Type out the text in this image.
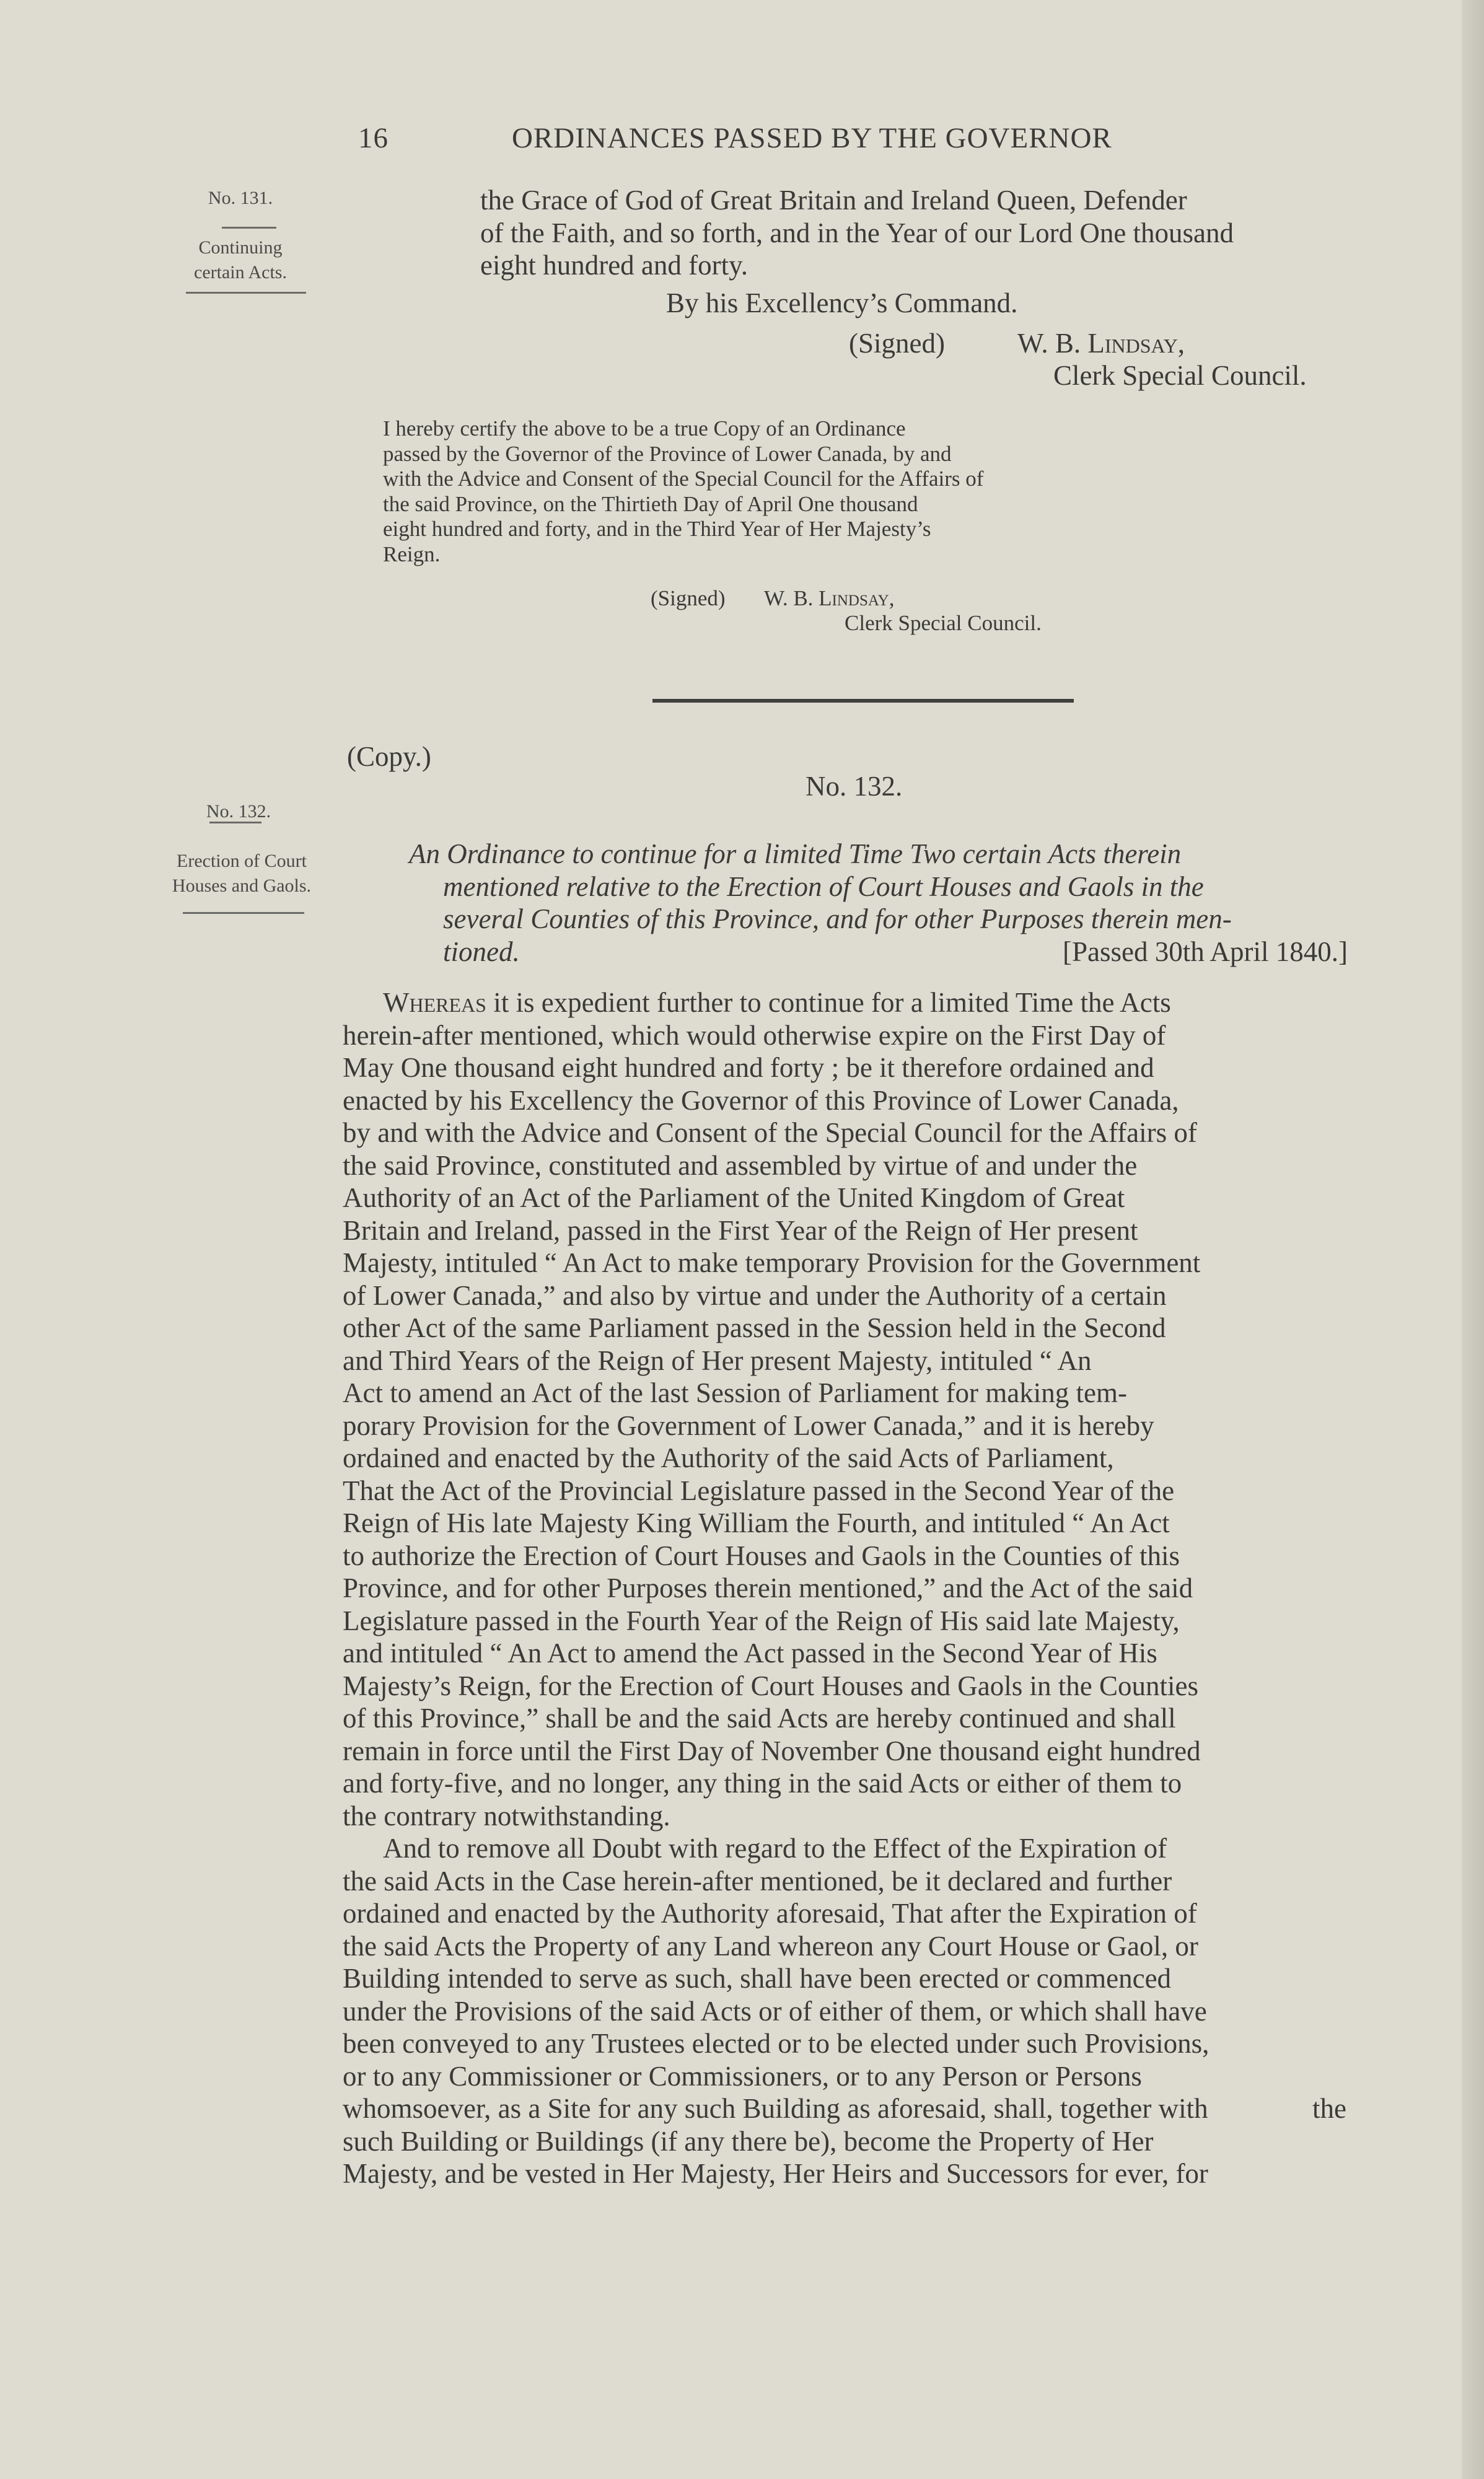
16	ORDINANCES PASSED BY THE GOVERNOR
No. 131.
Continuing
certain Acts.
the Grace of God of Great Britain and Ireland Queen, Defender
of the Faith, and so forth, and in the Year of our Lord One thousand
eight hundred and forty.
By his Excellency’s Command.
(Signed)	W. B. Lindsay,
Clerk Special Council.
I hereby certify the above to be a true Copy of an Ordinance
passed by the Governor of the Province of Lower Canada, by and
with the Advice and Consent of the Special Council for the Affairs of
the said Province, on the Thirtieth Day of April One thousand
eight hundred and forty, and in the Third Year of Her Majesty’s
Reign.
(Signed) W. B. Lindsay,
Clerk Special Council.
(Copy.)
No. 132.
No. 132.
Erection of Court
Houses and Gaols.
An Ordinance to continue for a limited Time Two certain Acts therein
mentioned relative to the Erection of Court Houses and Gaols in the
several Counties of this Province, and for other Purposes therein men-
tioned.	[Passed 30th April 1840.]
Whereas it is expedient further to continue for a limited Time the Acts
herein-after mentioned, which would otherwise expire on the First Day of
May One thousand eight hundred and forty ; be it therefore ordained and
enacted by his Excellency the Governor of this Province of Lower Canada,
by and with the Advice and Consent of the Special Council for the Affairs of
the said Province, constituted and assembled by virtue of and under the
Authority of an Act of the Parliament of the United Kingdom of Great
Britain and Ireland, passed in the First Year of the Reign of Her present
Majesty, intituled “ An Act to make temporary Provision for the Government
of Lower Canada,” and also by virtue and under the Authority of a certain
other Act of the same Parliament passed in the Session held in the Second
and Third Years of the Reign of Her present Majesty, intituled “ An
Act to amend an Act of the last Session of Parliament for making tem-
porary Provision for the Government of Lower Canada,” and it is hereby
ordained and enacted by the Authority of the said Acts of Parliament,
That the Act of the Provincial Legislature passed in the Second Year of the
Reign of His late Majesty King William the Fourth, and intituled “ An Act
to authorize the Erection of Court Houses and Gaols in the Counties of this
Province, and for other Purposes therein mentioned,” and the Act of the said
Legislature passed in the Fourth Year of the Reign of His said late Majesty,
and intituled “ An Act to amend the Act passed in the Second Year of His
Majesty’s Reign, for the Erection of Court Houses and Gaols in the Counties
of this Province,” shall be and the said Acts are hereby continued and shall
remain in force until the First Day of November One thousand eight hundred
and forty-five, and no longer, any thing in the said Acts or either of them to
the contrary notwithstanding.
And to remove all Doubt with regard to the Effect of the Expiration of
the said Acts in the Case herein-after mentioned, be it declared and further
ordained and enacted by the Authority aforesaid, That after the Expiration of
the said Acts the Property of any Land whereon any Court House or Gaol, or
Building intended to serve as such, shall have been erected or commenced
under the Provisions of the said Acts or of either of them, or which shall have
been conveyed to any Trustees elected or to be elected under such Provisions,
or to any Commissioner or Commissioners, or to any Person or Persons
whomsoever, as a Site for any such Building as aforesaid, shall, together with
such Building or Buildings (if any there be), become the Property of Her
Majesty, and be vested in Her Majesty, Her Heirs and Successors for ever, for
the
